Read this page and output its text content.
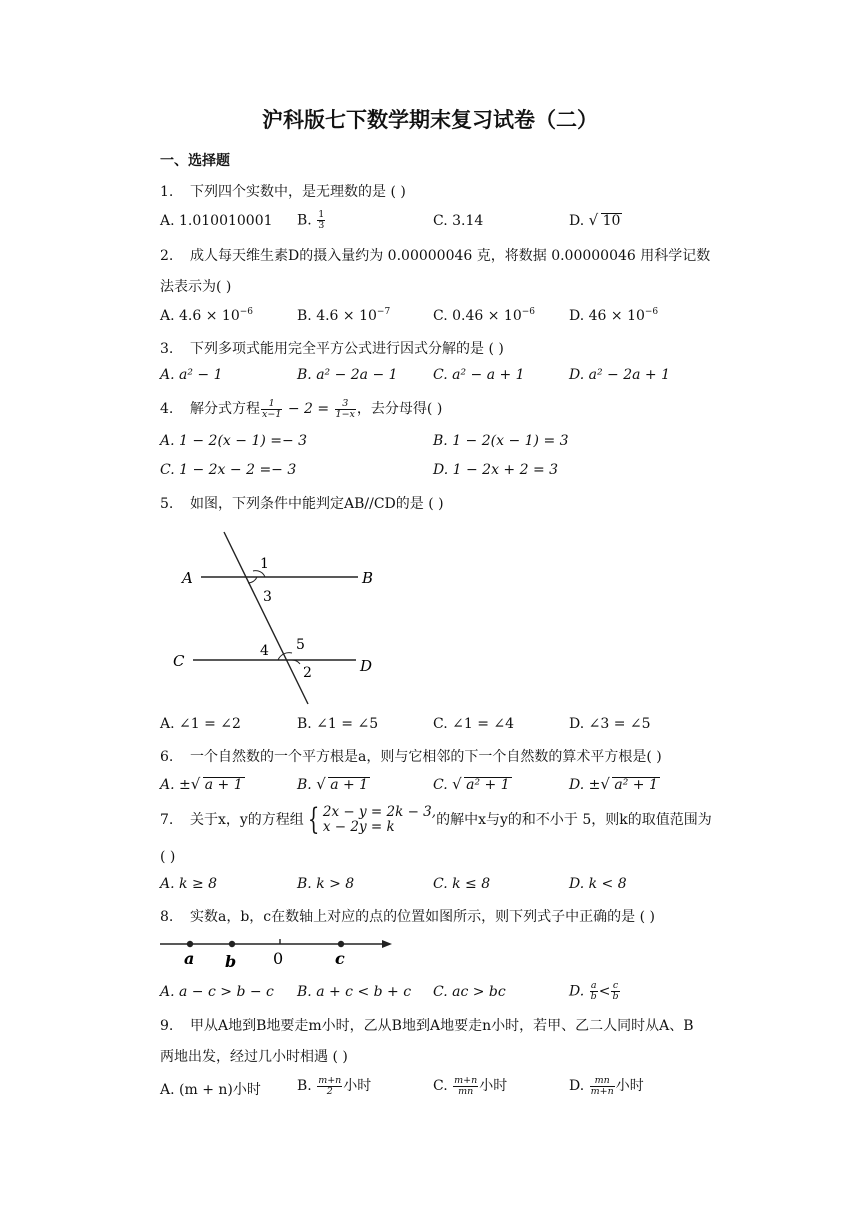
沪科版七下数学期末复习试卷（二）
一、选择题
1. 下列四个实数中，是无理数的是 ( )
A. 1.010010001 B. $\frac{1}{3}$	C. 3.14	D. √ 10
2. 成人每天维生素D的摄入量约为 0.00000046 克，将数据 0.00000046 用科学记数
法表示为( )
A. $4.6 \times 10^{-6}$	B. $4.6 \times 10^{-7}$	C. $0.46 \times 10^{-6}$ D. $46 \times 10^{-6}$
3. 下列多项式能用完全平方公式进行因式分解的是 ( )
A. a² − 1	B. a² − 2a − 1	C. a² − a + 1	D. a² − 2a + 1
4. 解分式方程 $\frac{1}{x-1} - 2 = \frac{3}{1-x}$ ，去分母得( )
A. 1 − 2(x − 1) =− 3	B. 1 − 2(x − 1) = 3
C. 1 − 2x − 2 =− 3	D. 1 − 2x + 2 = 3
5. 如图，下列条件中能判定AB//CD的是 ( )
A	B
C	D
1
3
4 5
2
A. ∠1 = ∠2	B. ∠1 = ∠5	C. ∠1 = ∠4	D. ∠3 = ∠5
6. 一个自然数的一个平方根是a，则与它相邻的下一个自然数的算术平方根是( )
A. ± √ a + 1	B. √ a + 1	C. √ a² + 1	D. ± √ a² + 1
7. 关于x，y的方程组 { 2x − y = 2k − 3,
x − 2y = k	的解中x与y的和不小于 5，则k的取值范围为
( )
A. k ≥ 8	B. k > 8	C. k ≤ 8	D. k < 8
8. 实数a，b，c在数轴上对应的点的位置如图所示，则下列式子中正确的是 ( )
a b 0	c
A. a − c > b − c B. a + c < b + c C. ac > bc	D. $\frac{a}{b} < \frac{c}{b}$
9. 甲从A地到B地要走m小时，乙从B地到A地要走n小时，若甲、乙二人同时从A、B
两地出发，经过几小时相遇 ( )
A. (m + n)小时	B. $\frac{m+n}{2}$ 小时	C. $\frac{m+n}{mn}$ 小时	D. $\frac{mn}{m+n}$ 小时
